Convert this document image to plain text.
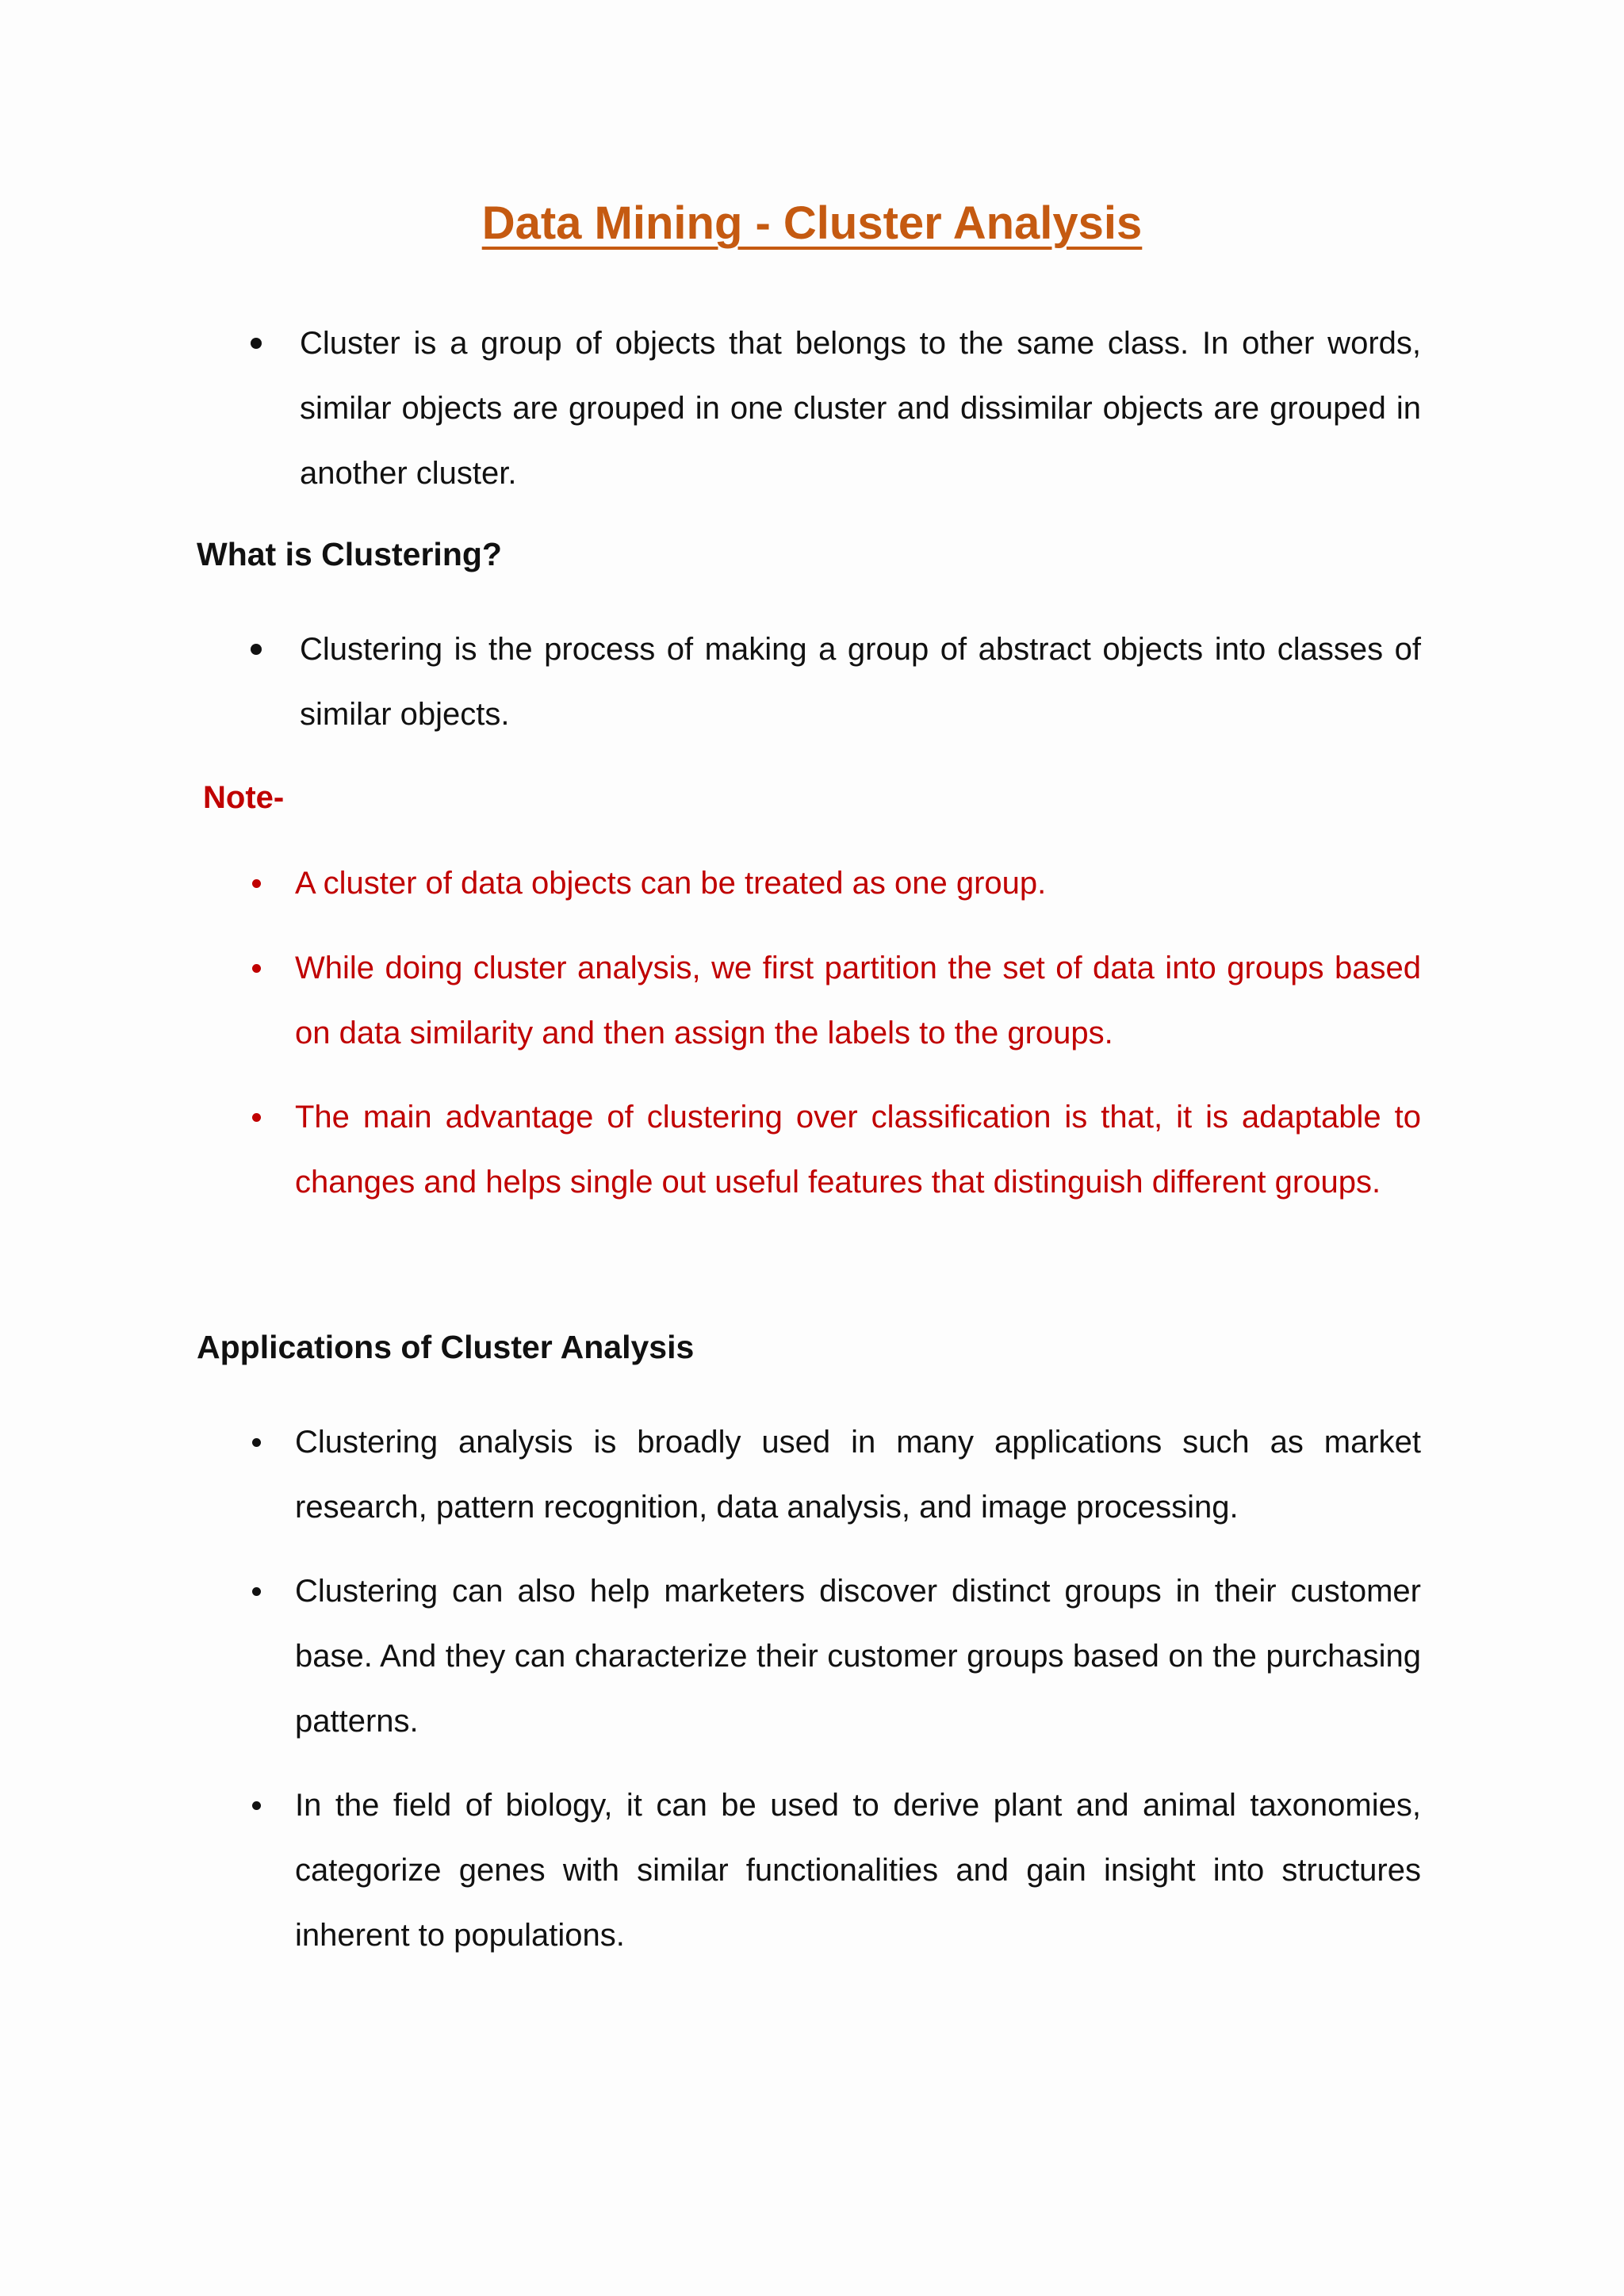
Data Mining - Cluster Analysis

Cluster is a group of objects that belongs to the same class. In other words, similar objects are grouped in one cluster and dissimilar objects are grouped in another cluster.

What is Clustering?

Clustering is the process of making a group of abstract objects into classes of similar objects.

Note-

A cluster of data objects can be treated as one group.

While doing cluster analysis, we first partition the set of data into groups based on data similarity and then assign the labels to the groups.

The main advantage of clustering over classification is that, it is adaptable to changes and helps single out useful features that distinguish different groups.

Applications of Cluster Analysis

Clustering analysis is broadly used in many applications such as market research, pattern recognition, data analysis, and image processing.

Clustering can also help marketers discover distinct groups in their customer base. And they can characterize their customer groups based on the purchasing patterns.

In the field of biology, it can be used to derive plant and animal taxonomies, categorize genes with similar functionalities and gain insight into structures inherent to populations.
